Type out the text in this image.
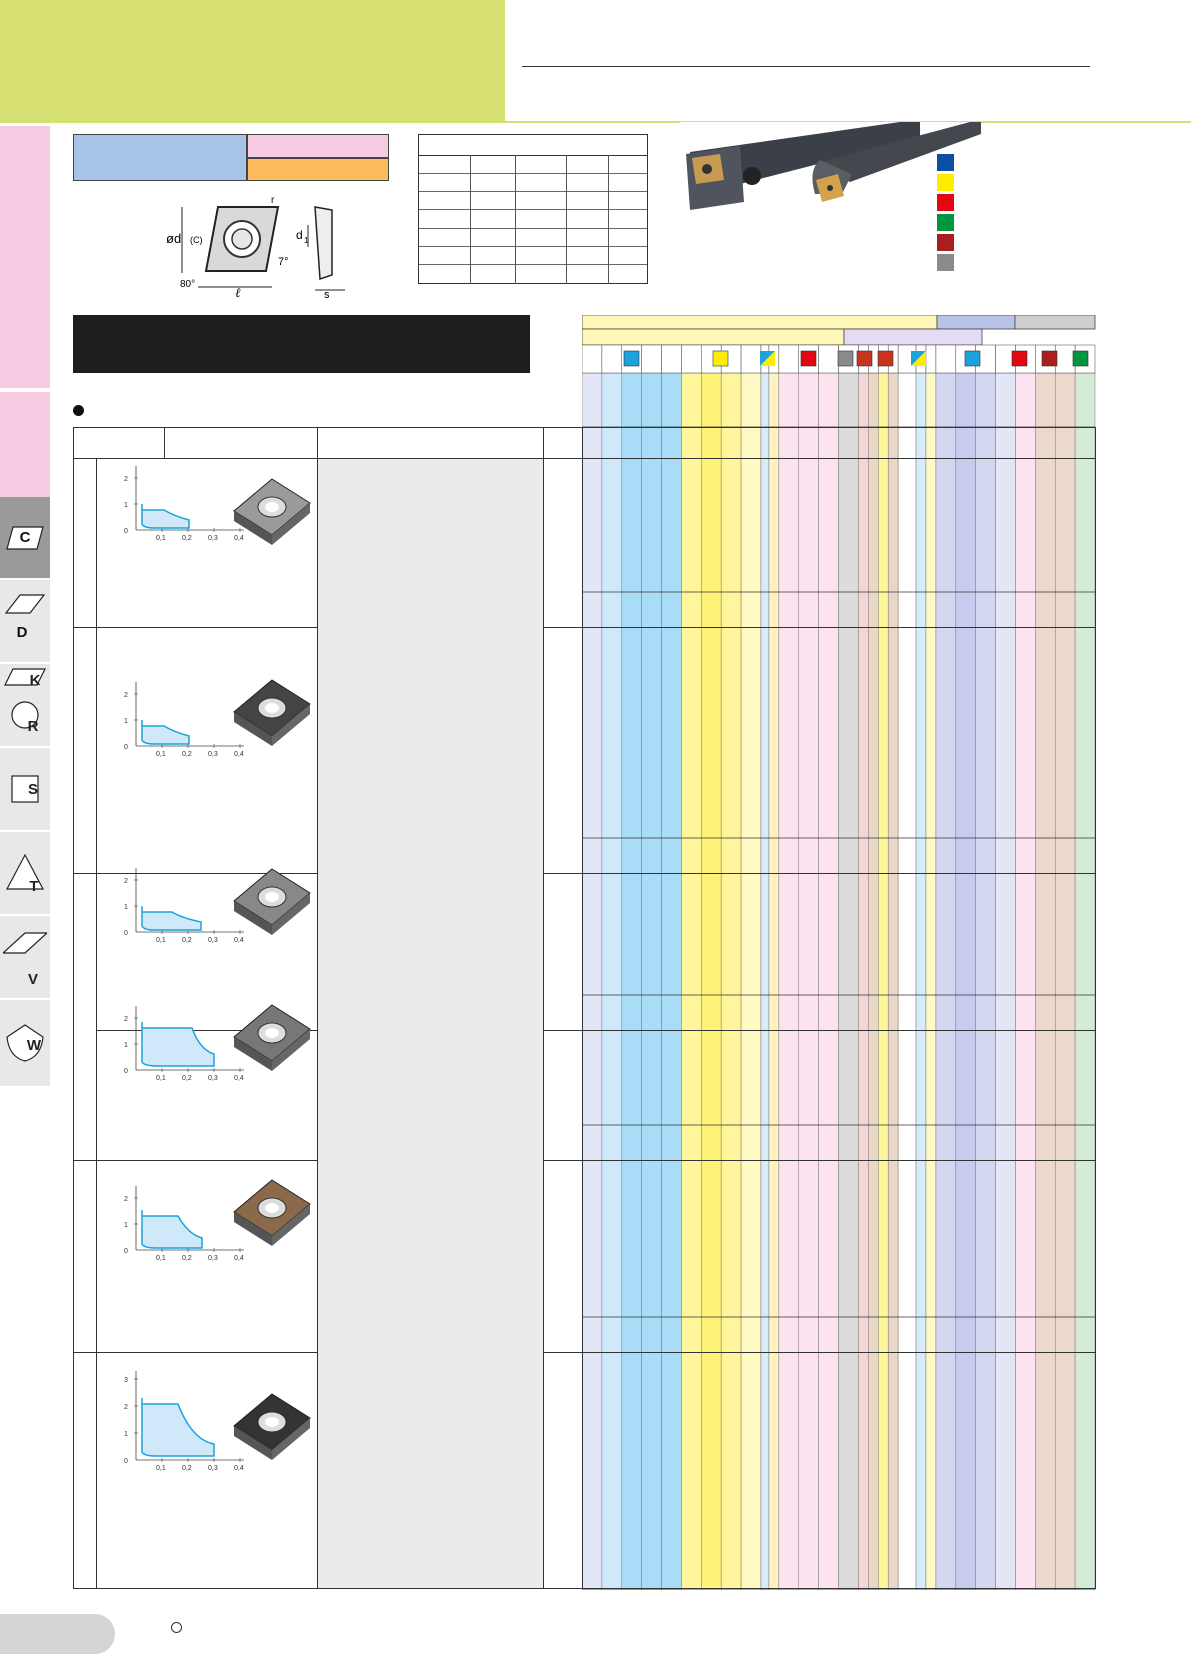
C
D
K
R
S
T
V
W
ød (C)
r
d 1
7°
80°
ℓ	s
0
1
2
0,1 0,2 0,3 0,4
0
1
2
0,1 0,2 0,3 0,4
0
1
2
0,1 0,2 0,3 0,4
0
1
2
0,1 0,2 0,3 0,4
0
1
2
0,1 0,2 0,3 0,4
0
1
2
3
0,1 0,2 0,3 0,4
